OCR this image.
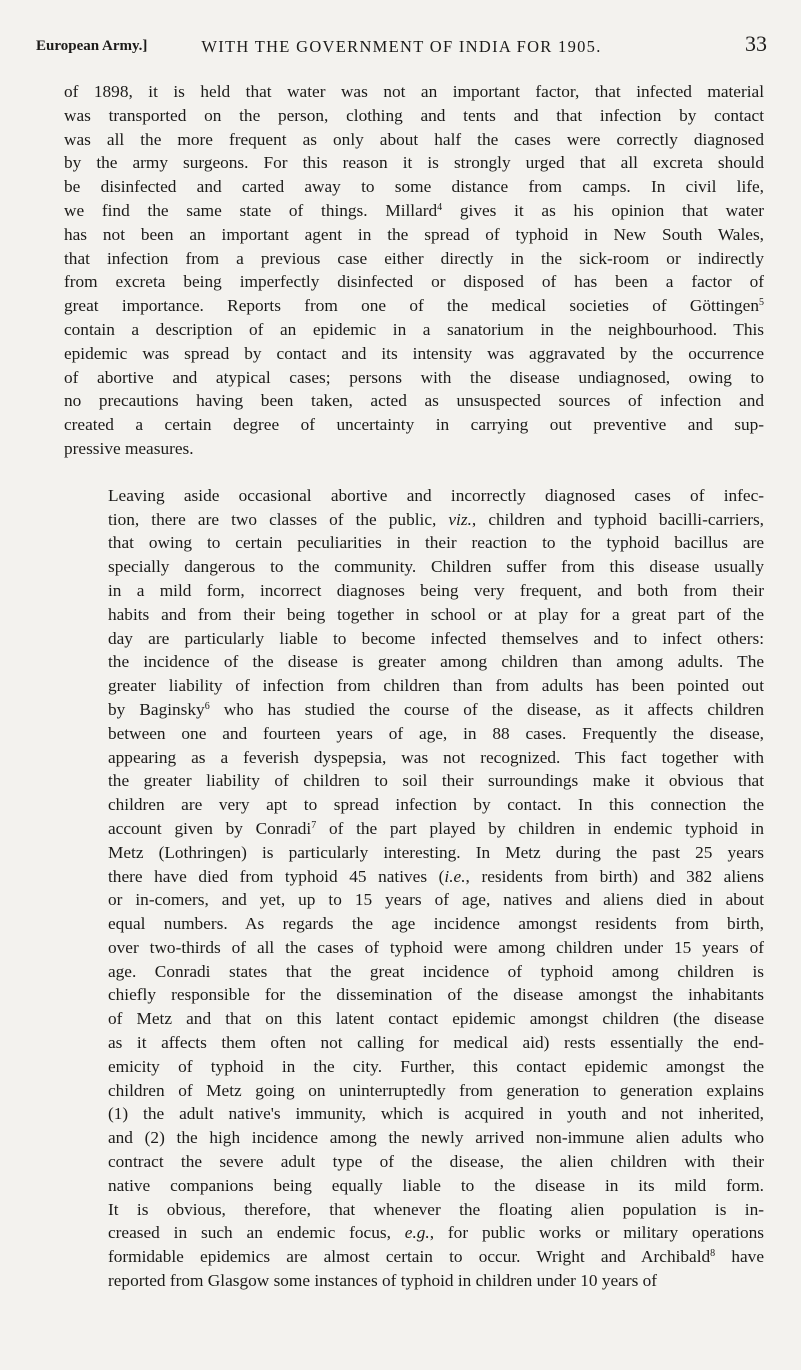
European Army.]	WITH THE GOVERNMENT OF INDIA FOR 1905.	33

of 1898, it is held that water was not an important factor, that infected material
was transported on the person, clothing and tents and that infection by contact
was all the more frequent as only about half the cases were correctly diagnosed
by the army surgeons. For this reason it is strongly urged that all excreta should
be disinfected and carted away to some distance from camps. In civil life,
we find the same state of things. Millard$^4$ gives it as his opinion that water
has not been an important agent in the spread of typhoid in New South Wales,
that infection from a previous case either directly in the sick-room or indirectly
from excreta being imperfectly disinfected or disposed of has been a factor of
great importance. Reports from one of the medical societies of Göttingen$^5$
contain a description of an epidemic in a sanatorium in the neighbourhood. This
epidemic was spread by contact and its intensity was aggravated by the occurrence
of abortive and atypical cases; persons with the disease undiagnosed, owing to
no precautions having been taken, acted as unsuspected sources of infection and
created a certain degree of uncertainty in carrying out preventive and sup-
pressive measures.

Leaving aside occasional abortive and incorrectly diagnosed cases of infec-
tion, there are two classes of the public, viz., children and typhoid bacilli-carriers,
that owing to certain peculiarities in their reaction to the typhoid bacillus are
specially dangerous to the community. Children suffer from this disease usually
in a mild form, incorrect diagnoses being very frequent, and both from their
habits and from their being together in school or at play for a great part of the
day are particularly liable to become infected themselves and to infect others:
the incidence of the disease is greater among children than among adults. The
greater liability of infection from children than from adults has been pointed out
by Baginsky$^6$ who has studied the course of the disease, as it affects children
between one and fourteen years of age, in 88 cases. Frequently the disease,
appearing as a feverish dyspepsia, was not recognized. This fact together with
the greater liability of children to soil their surroundings make it obvious that
children are very apt to spread infection by contact. In this connection the
account given by Conradi$^7$ of the part played by children in endemic typhoid in
Metz (Lothringen) is particularly interesting. In Metz during the past 25 years
there have died from typhoid 45 natives (i.e., residents from birth) and 382 aliens
or in-comers, and yet, up to 15 years of age, natives and aliens died in about
equal numbers. As regards the age incidence amongst residents from birth,
over two-thirds of all the cases of typhoid were among children under 15 years of
age. Conradi states that the great incidence of typhoid among children is
chiefly responsible for the dissemination of the disease amongst the inhabitants
of Metz and that on this latent contact epidemic amongst children (the disease
as it affects them often not calling for medical aid) rests essentially the end-
emicity of typhoid in the city. Further, this contact epidemic amongst the
children of Metz going on uninterruptedly from generation to generation explains
(1) the adult native's immunity, which is acquired in youth and not inherited,
and (2) the high incidence among the newly arrived non-immune alien adults who
contract the severe adult type of the disease, the alien children with their
native companions being equally liable to the disease in its mild form.
It is obvious, therefore, that whenever the floating alien population is in-
creased in such an endemic focus, e.g., for public works or military operations
formidable epidemics are almost certain to occur. Wright and Archibald$^8$ have
reported from Glasgow some instances of typhoid in children under 10 years of
